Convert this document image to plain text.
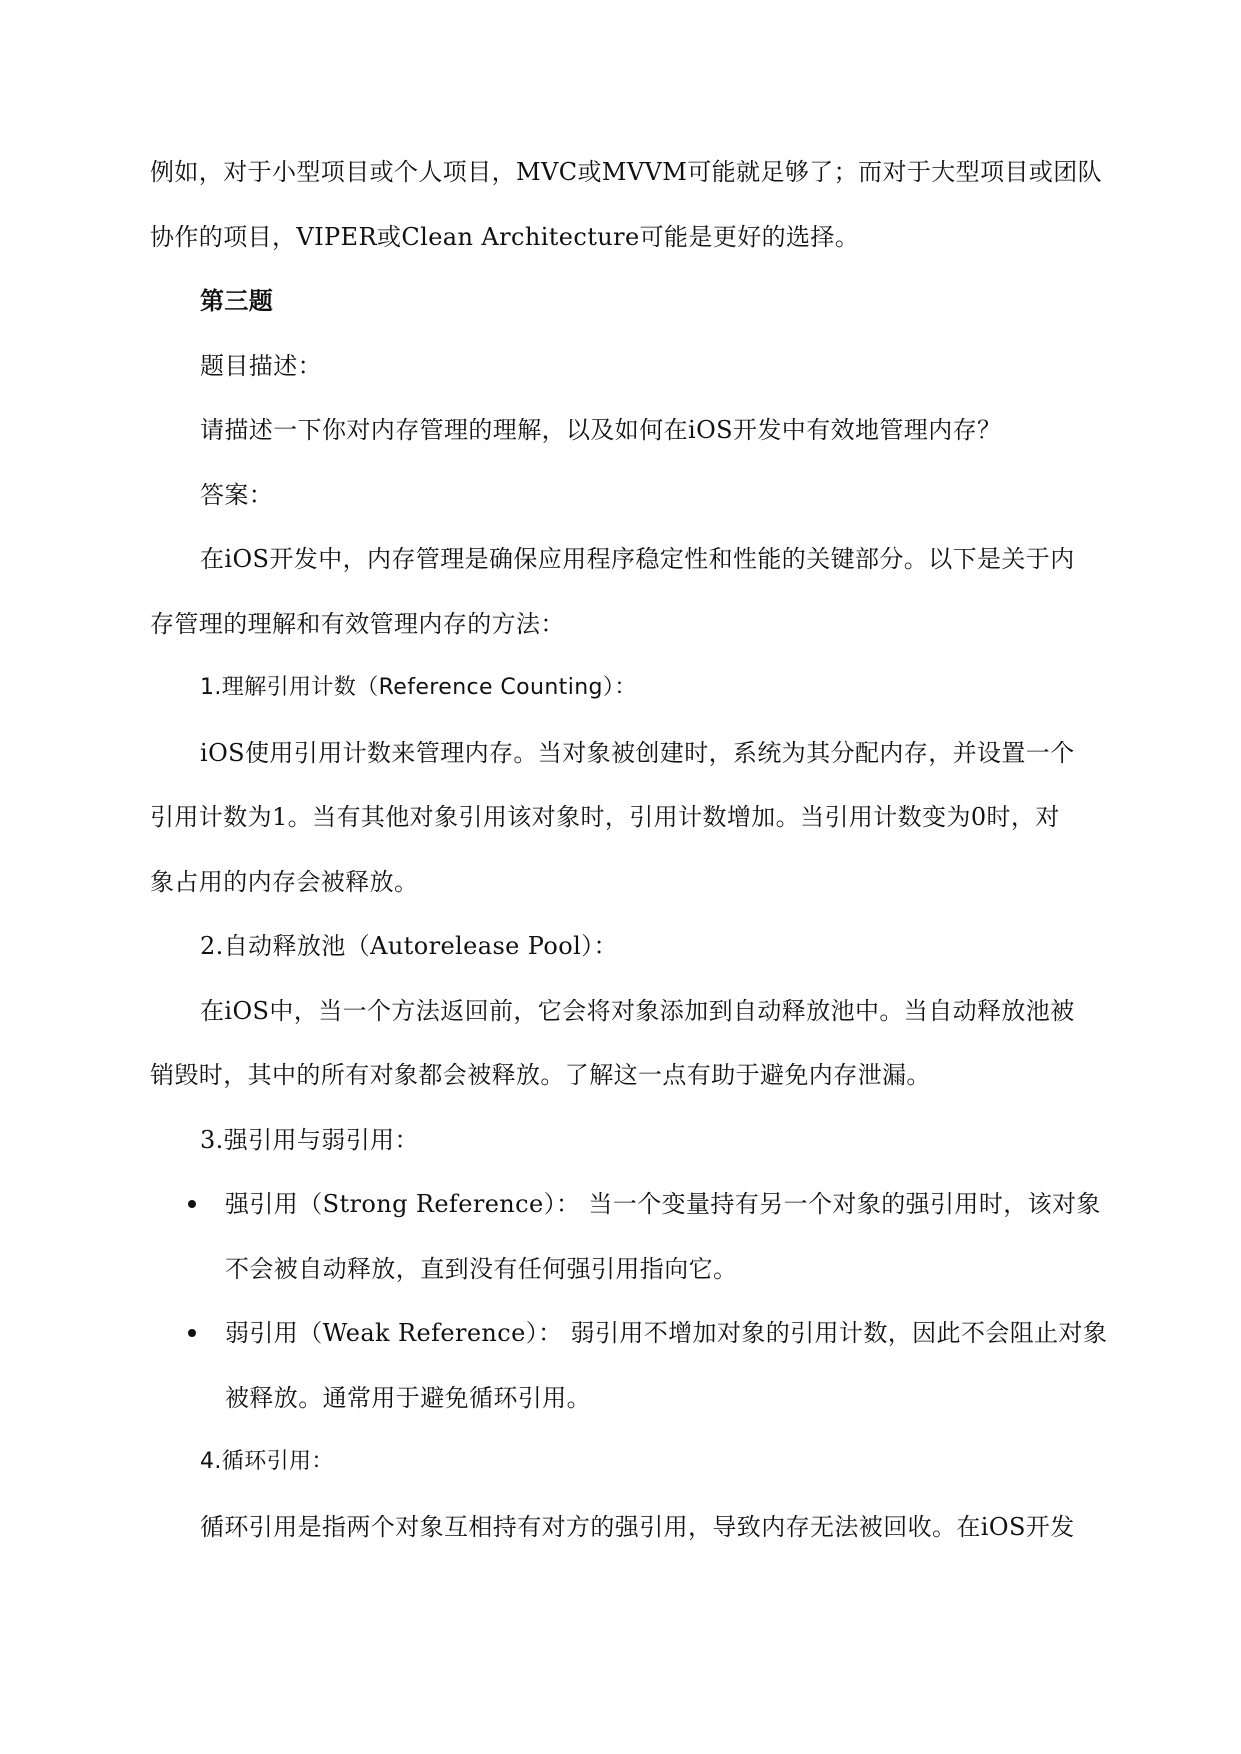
例如，对于小型项目或个人项目，MVC或MVVM可能就足够了；而对于大型项目或团队
协作的项目，VIPER或Clean Architecture可能是更好的选择。
第三题
题目描述：
请描述一下你对内存管理的理解，以及如何在iOS开发中有效地管理内存？
答案：
在iOS开发中，内存管理是确保应用程序稳定性和性能的关键部分。以下是关于内
存管理的理解和有效管理内存的方法：
1.理解引用计数（Reference Counting）：
iOS使用引用计数来管理内存。当对象被创建时，系统为其分配内存，并设置一个
引用计数为1。当有其他对象引用该对象时，引用计数增加。当引用计数变为0时，对
象占用的内存会被释放。
2.自动释放池（Autorelease Pool）：
在iOS中，当一个方法返回前，它会将对象添加到自动释放池中。当自动释放池被
销毁时，其中的所有对象都会被释放。了解这一点有助于避免内存泄漏。
3.强引用与弱引用：
强引用（Strong Reference）： 当一个变量持有另一个对象的强引用时，该对象
不会被自动释放，直到没有任何强引用指向它。
弱引用（Weak Reference）： 弱引用不增加对象的引用计数，因此不会阻止对象
被释放。通常用于避免循环引用。
4.循环引用：
循环引用是指两个对象互相持有对方的强引用，导致内存无法被回收。在iOS开发
